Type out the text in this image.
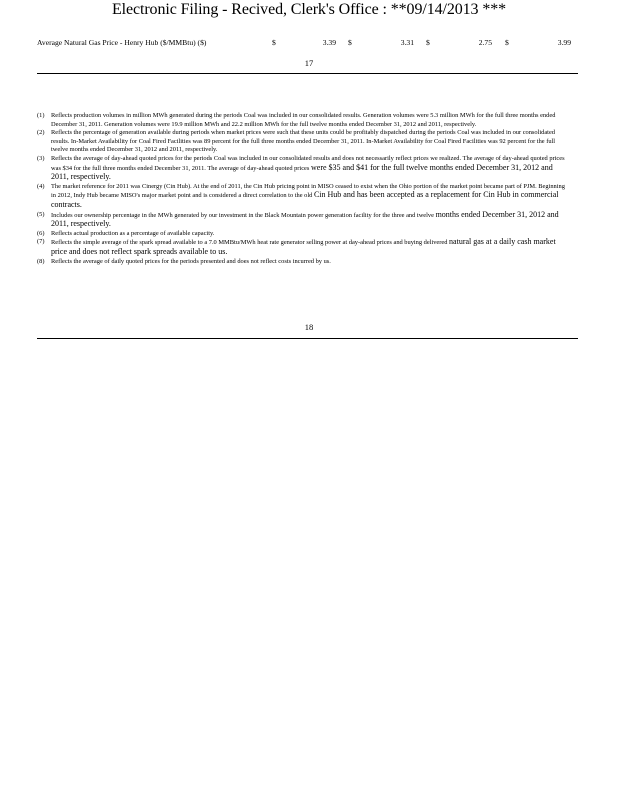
Electronic Filing - Recived, Clerk's Office : **09/14/2013 ***
Average Natural Gas Price - Henry Hub ($/MMBtu) ($)	$	3.39 $	3.31 $	2.75 $	3.99
17
(1)	Reflects production volumes in million MWh generated during the periods Coal was included in our consolidated results. Generation volumes were 5.3 million MWh for the full three months ended December 31, 2011. Generation volumes were 19.9 million MWh and 22.2 million MWh for the full twelve months ended December 31, 2012 and 2011, respectively.
(2)	Reflects the percentage of generation available during periods when market prices were such that these units could be profitably dispatched during the periods Coal was included in our consolidated results. In-Market Availability for Coal Fired Facilities was 89 percent for the full three months ended December 31, 2011. In-Market Availability for Coal Fired Facilities was 92 percent for the full twelve months ended December 31, 2012 and 2011, respectively.
(3)	Reflects the average of day-ahead quoted prices for the periods Coal was included in our consolidated results and does not necessarily reflect prices we realized. The average of day-ahead quoted prices was $34 for the full three months ended December 31, 2011. The average of day-ahead quoted prices were $35 and $41 for the full twelve months ended December 31, 2012 and 2011, respectively.
(4)	The market reference for 2011 was Cinergy (Cin Hub). At the end of 2011, the Cin Hub pricing point in MISO ceased to exist when the Ohio portion of the market point became part of PJM. Beginning in 2012, Indy Hub became MISO's major market point and is considered a direct correlation to the old Cin Hub and has been accepted as a replacement for Cin Hub in commercial contracts.
(5)	Includes our ownership percentage in the MWh generated by our investment in the Black Mountain power generation facility for the three and twelve months ended December 31, 2012 and 2011, respectively.
(6)	Reflects actual production as a percentage of available capacity.
(7)	Reflects the simple average of the spark spread available to a 7.0 MMBtu/MWh heat rate generator selling power at day-ahead prices and buying delivered natural gas at a daily cash market price and does not reflect spark spreads available to us.
(8)	Reflects the average of daily quoted prices for the periods presented and does not reflect costs incurred by us.
18
